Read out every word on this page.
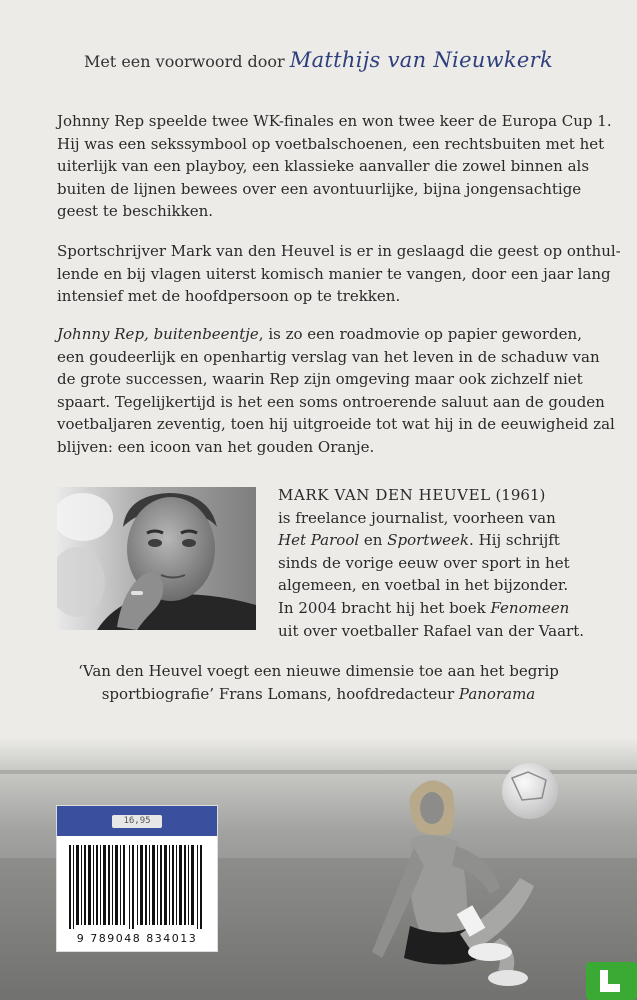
Met een voorwoord door Matthijs van Nieuwkerk

Johnny Rep speelde twee WK-finales en won twee keer de Europa Cup 1.
Hij was een sekssymbool op voetbalschoenen, een rechtsbuiten met het
uiterlijk van een playboy, een klassieke aanvaller die zowel binnen als
buiten de lijnen bewees over een avontuurlijke, bijna jongensachtige
geest te beschikken.

Sportschrijver Mark van den Heuvel is er in geslaagd die geest op onthul-
lende en bij vlagen uiterst komisch manier te vangen, door een jaar lang
intensief met de hoofdpersoon op te trekken.

Johnny Rep, buitenbeentje, is zo een roadmovie op papier geworden,
een goudeerlijk en openhartig verslag van het leven in de schaduw van
de grote successen, waarin Rep zijn omgeving maar ook zichzelf niet
spaart. Tegelijkertijd is het een soms ontroerende saluut aan de gouden
voetbaljaren zeventig, toen hij uitgroeide tot wat hij in de eeuwigheid zal
blijven: een icoon van het gouden Oranje.

MARK VAN DEN HEUVEL (1961)
is freelance journalist, voorheen van
Het Parool en Sportweek. Hij schrijft
sinds de vorige eeuw over sport in het
algemeen, en voetbal in het bijzonder.
In 2004 bracht hij het boek Fenomeen
uit over voetballer Rafael van der Vaart.

‘Van den Heuvel voegt een nieuwe dimensie toe aan het begrip
sportbiografie’ Frans Lomans, hoofdredacteur Panorama
16,95
9 789048 834013
